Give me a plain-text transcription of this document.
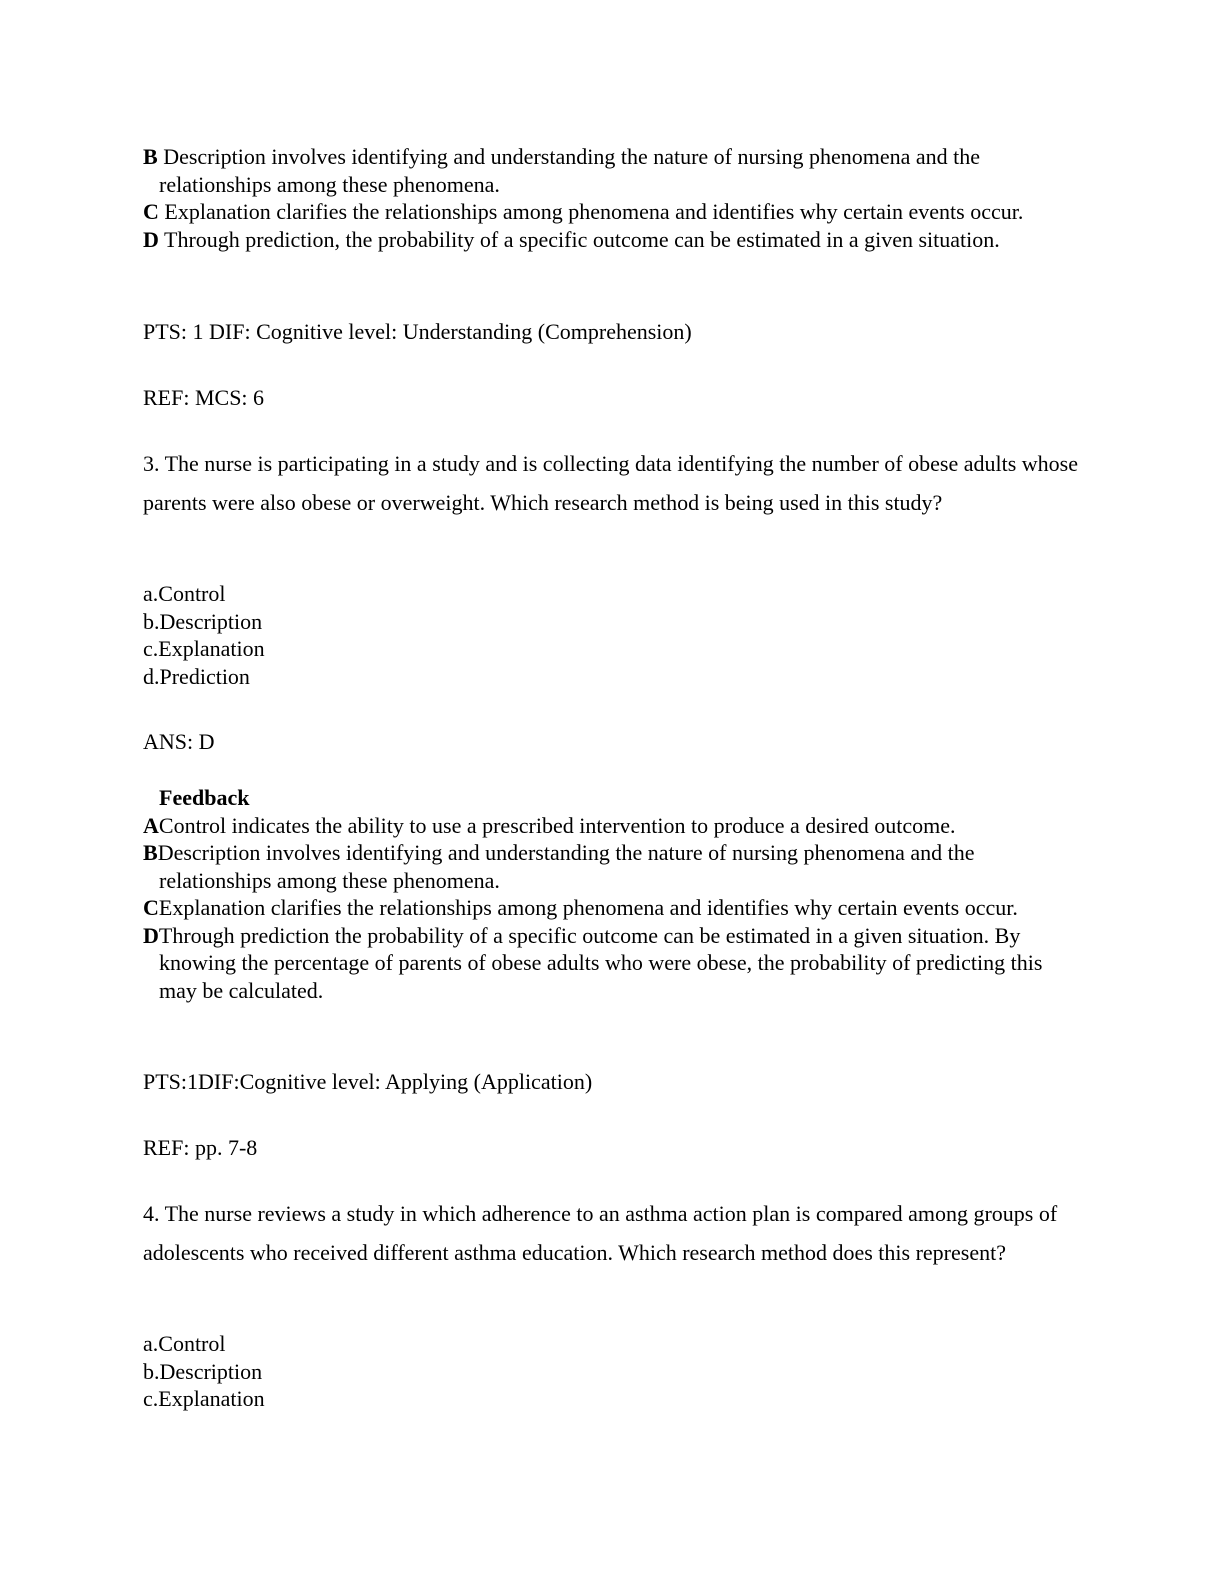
B Description involves identifying and understanding the nature of nursing phenomena and the relationships among these phenomena.
C Explanation clarifies the relationships among phenomena and identifies why certain events occur.
D Through prediction, the probability of a specific outcome can be estimated in a given situation.
PTS: 1 DIF: Cognitive level: Understanding (Comprehension)
REF: MCS: 6
3. The nurse is participating in a study and is collecting data identifying the number of obese adults whose parents were also obese or overweight. Which research method is being used in this study?
a.Control
b.Description
c.Explanation
d.Prediction
ANS: D
Feedback
AControl indicates the ability to use a prescribed intervention to produce a desired outcome.
BDescription involves identifying and understanding the nature of nursing phenomena and the relationships among these phenomena.
CExplanation clarifies the relationships among phenomena and identifies why certain events occur.
DThrough prediction the probability of a specific outcome can be estimated in a given situation. By knowing the percentage of parents of obese adults who were obese, the probability of predicting this may be calculated.
PTS:1DIF:Cognitive level: Applying (Application)
REF: pp. 7-8
4. The nurse reviews a study in which adherence to an asthma action plan is compared among groups of adolescents who received different asthma education. Which research method does this represent?
a.Control
b.Description
c.Explanation
